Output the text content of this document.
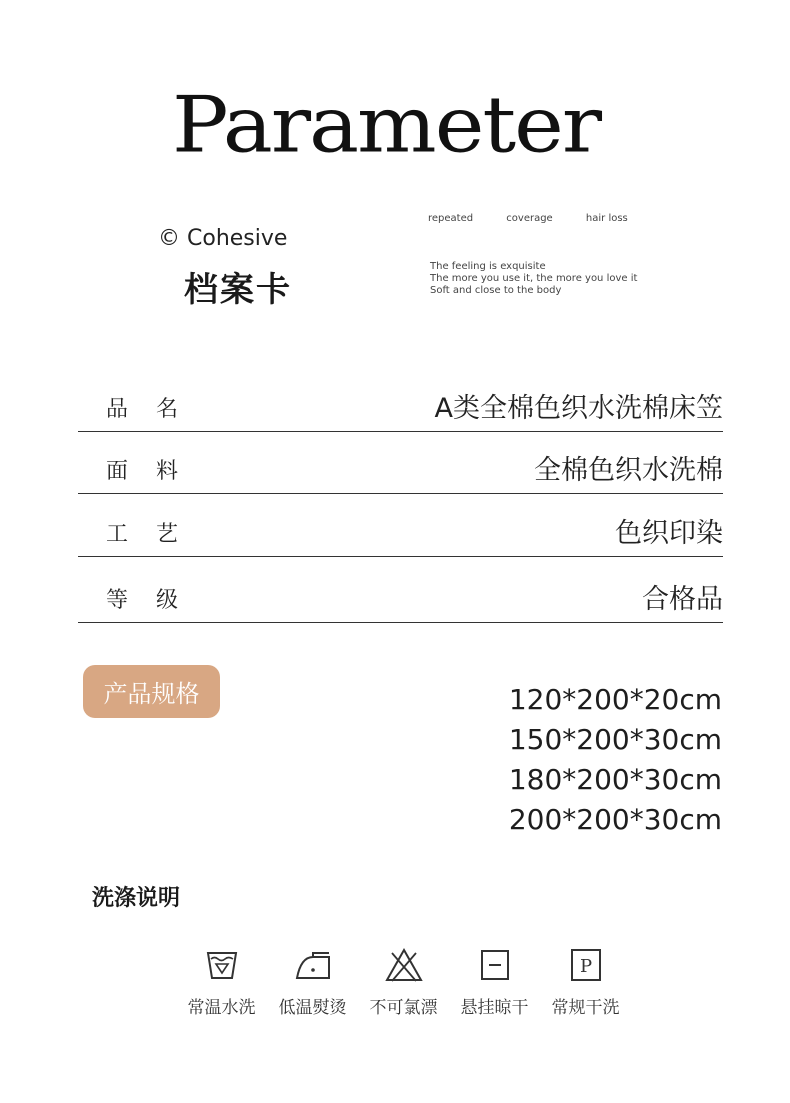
Parameter
© Cohesive
档案卡
repeated	coverage	hair loss
The feeling is exquisite
The more you use it, the more you love it
Soft and close to the body
品名	A类全棉色织水洗棉床笠
面料	全棉色织水洗棉
工艺	色织印染
等级	合格品
产品规格	120*200*20cm
150*200*30cm
180*200*30cm
200*200*30cm
洗涤说明
常温水洗 低温熨烫 不可氯漂 悬挂晾干
P
常规干洗
